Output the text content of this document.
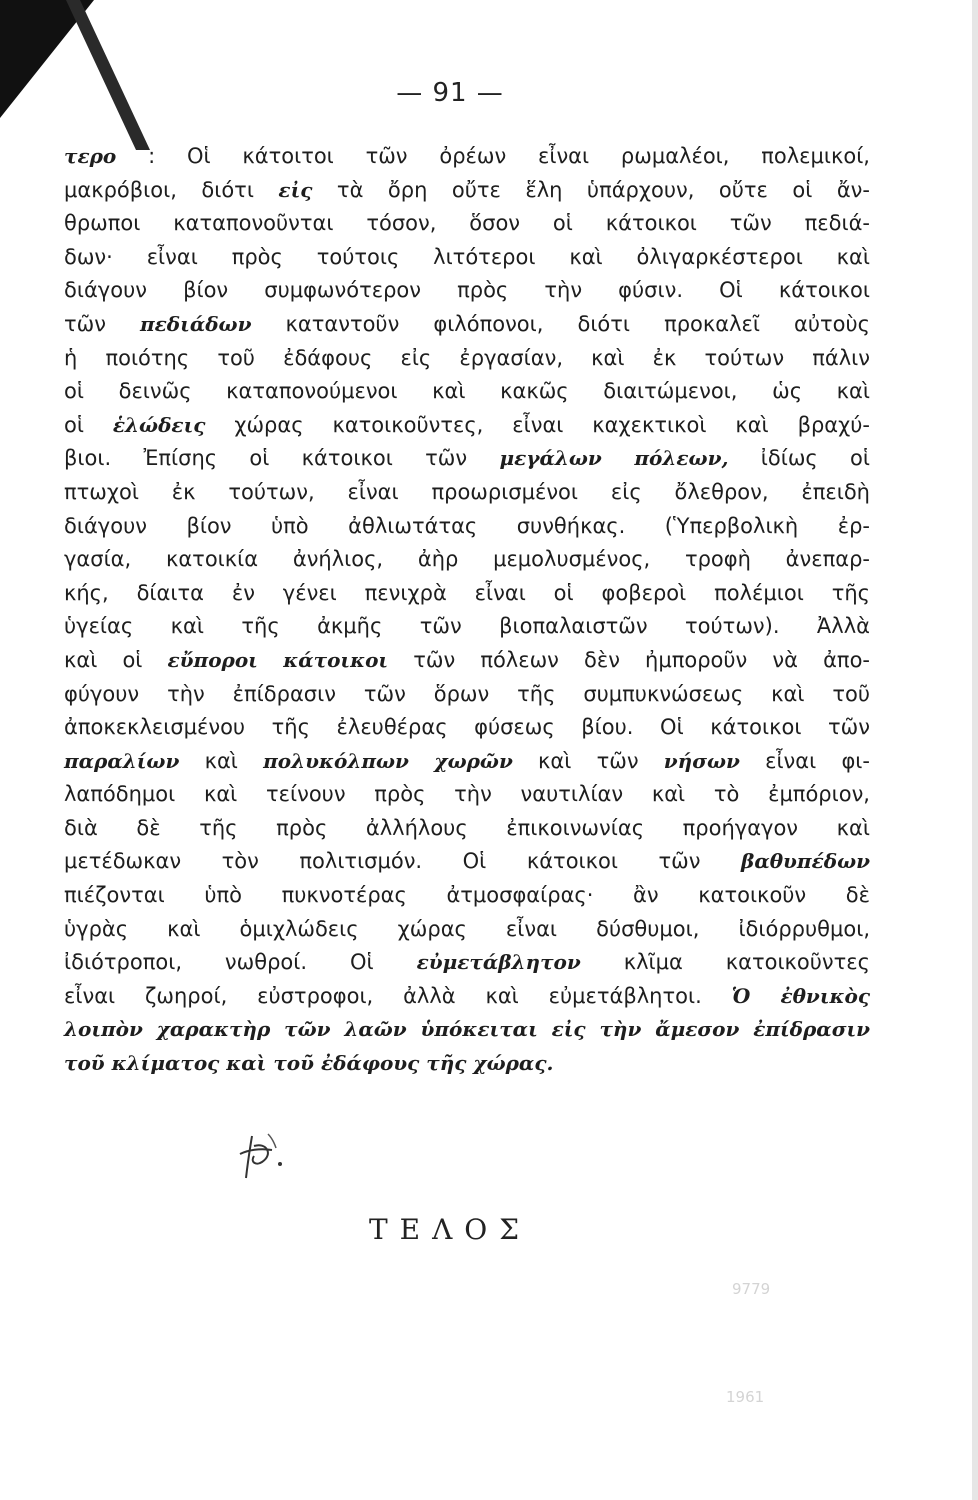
— 91 —
τερο : Οἱ κάτοιτοι τῶν ὀρέων εἶναι ρωμαλέοι, πολεμικοί,
μακρόβιοι, διότι εἰς τὰ ὄρη οὔτε ἕλη ὑπάρχουν, οὔτε οἱ ἄν-
θρωποι καταπονοῦνται τόσον, ὅσον οἱ κάτοικοι τῶν πεδιά-
δων· εἶναι πρὸς τούτοις λιτότεροι καὶ ὀλιγαρκέστεροι καὶ
διάγουν βίον συμφωνότερον πρὸς τὴν φύσιν. Οἱ κάτοικοι
τῶν πεδιάδων καταντοῦν φιλόπονοι, διότι προκαλεῖ αὐτοὺς
ἡ ποιότης τοῦ ἐδάφους εἰς ἐργασίαν, καὶ ἐκ τούτων πάλιν
οἱ δεινῶς καταπονούμενοι καὶ κακῶς διαιτώμενοι, ὡς καὶ
οἱ ἑλώδεις χώρας κατοικοῦντες, εἶναι καχεκτικοὶ καὶ βραχύ-
βιοι. Ἐπίσης οἱ κάτοικοι τῶν μεγάλων πόλεων, ἰδίως οἱ
πτωχοὶ ἐκ τούτων, εἶναι προωρισμένοι εἰς ὄλεθρον, ἐπειδὴ
διάγουν βίον ὑπὸ ἀθλιωτάτας συνθήκας. (Ὑπερβολικὴ ἐρ-
γασία, κατοικία ἀνήλιος, ἀὴρ μεμολυσμένος, τροφὴ ἀνεπαρ-
κής, δίαιτα ἐν γένει πενιχρὰ εἶναι οἱ φοβεροὶ πολέμιοι τῆς
ὑγείας καὶ τῆς ἀκμῆς τῶν βιοπαλαιστῶν τούτων). Ἀλλὰ
καὶ οἱ εὔποροι κάτοικοι τῶν πόλεων δὲν ἠμποροῦν νὰ ἀπο-
φύγουν τὴν ἐπίδρασιν τῶν ὅρων τῆς συμπυκνώσεως καὶ τοῦ
ἀποκεκλεισμένου τῆς ἐλευθέρας φύσεως βίου. Οἱ κάτοικοι τῶν
παραλίων καὶ πολυκόλπων χωρῶν καὶ τῶν νήσων εἶναι φι-
λαπόδημοι καὶ τείνουν πρὸς τὴν ναυτιλίαν καὶ τὸ ἐμπόριον,
διὰ δὲ τῆς πρὸς ἀλλήλους ἐπικοινωνίας προήγαγον καὶ
μετέδωκαν τὸν πολιτισμόν. Οἱ κάτοικοι τῶν βαθυπέδων
πιέζονται ὑπὸ πυκνοτέρας ἀτμοσφαίρας· ἂν κατοικοῦν δὲ
ὑγρὰς καὶ ὁμιχλώδεις χώρας εἶναι δύσθυμοι, ἰδιόρρυθμοι,
ἰδιότροποι, νωθροί. Οἱ εὐμετάβλητον κλῖμα κατοικοῦντες
εἶναι ζωηροί, εὐστροφοι, ἀλλὰ καὶ εὐμετάβλητοι. Ὁ ἐθνικὸς
λοιπὸν χαρακτὴρ τῶν λαῶν ὑπόκειται εἰς τὴν ἄμεσον ἐπίδρασιν
τοῦ κλίματος καὶ τοῦ ἐδάφους τῆς χώρας.
ΤΕΛΟΣ
1961
9779
